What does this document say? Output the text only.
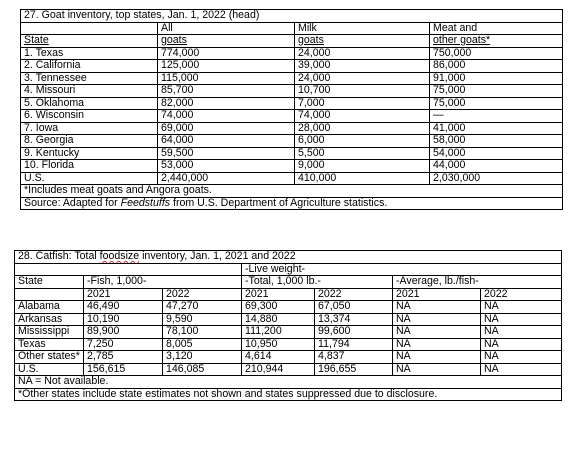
27. Goat inventory, top states, Jan. 1, 2022 (head)			
	All	Milk	Meat and
State	goats	goats	other goats*
1. Texas	774,000	24,000	750,000
2. California	125,000	39,000	86,000
3. Tennessee	115,000	24,000	91,000
4. Missouri	85,700	10,700	75,000
5. Oklahoma	82,000	7,000	75,000
6. Wisconsin	74,000	74,000	—
7. Iowa	69,000	28,000	41,000
8. Georgia	64,000	6,000	58,000
9. Kentucky	59,500	5,500	54,000
10. Florida	53,000	9,000	44,000
U.S.	2,440,000	410,000	2,030,000
*Includes meat goats and Angora goats.			
Source: Adapted for Feedstuffs from U.S. Department of Agriculture statistics.			
28. Catfish: Total foodsize inventory, Jan. 1, 2021 and 2022						
			-Live weight-			
State	-Fish, 1,000-		-Total, 1,000 lb.-		-Average, lb./fish-	
	2021	2022	2021	2022	2021	2022
Alabama	46,490	47,270	69,300	67,050	NA	NA
Arkansas	10,190	9,590	14,880	13,374	NA	NA
Mississippi	89,900	78,100	111,200	99,600	NA	NA
Texas	7,250	8,005	10,950	11,794	NA	NA
Other states*	2,785	3,120	4,614	4,837	NA	NA
U.S.	156,615	146,085	210,944	196,655	NA	NA
NA = Not available.						
*Other states include state estimates not shown and states suppressed due to disclosure.						
